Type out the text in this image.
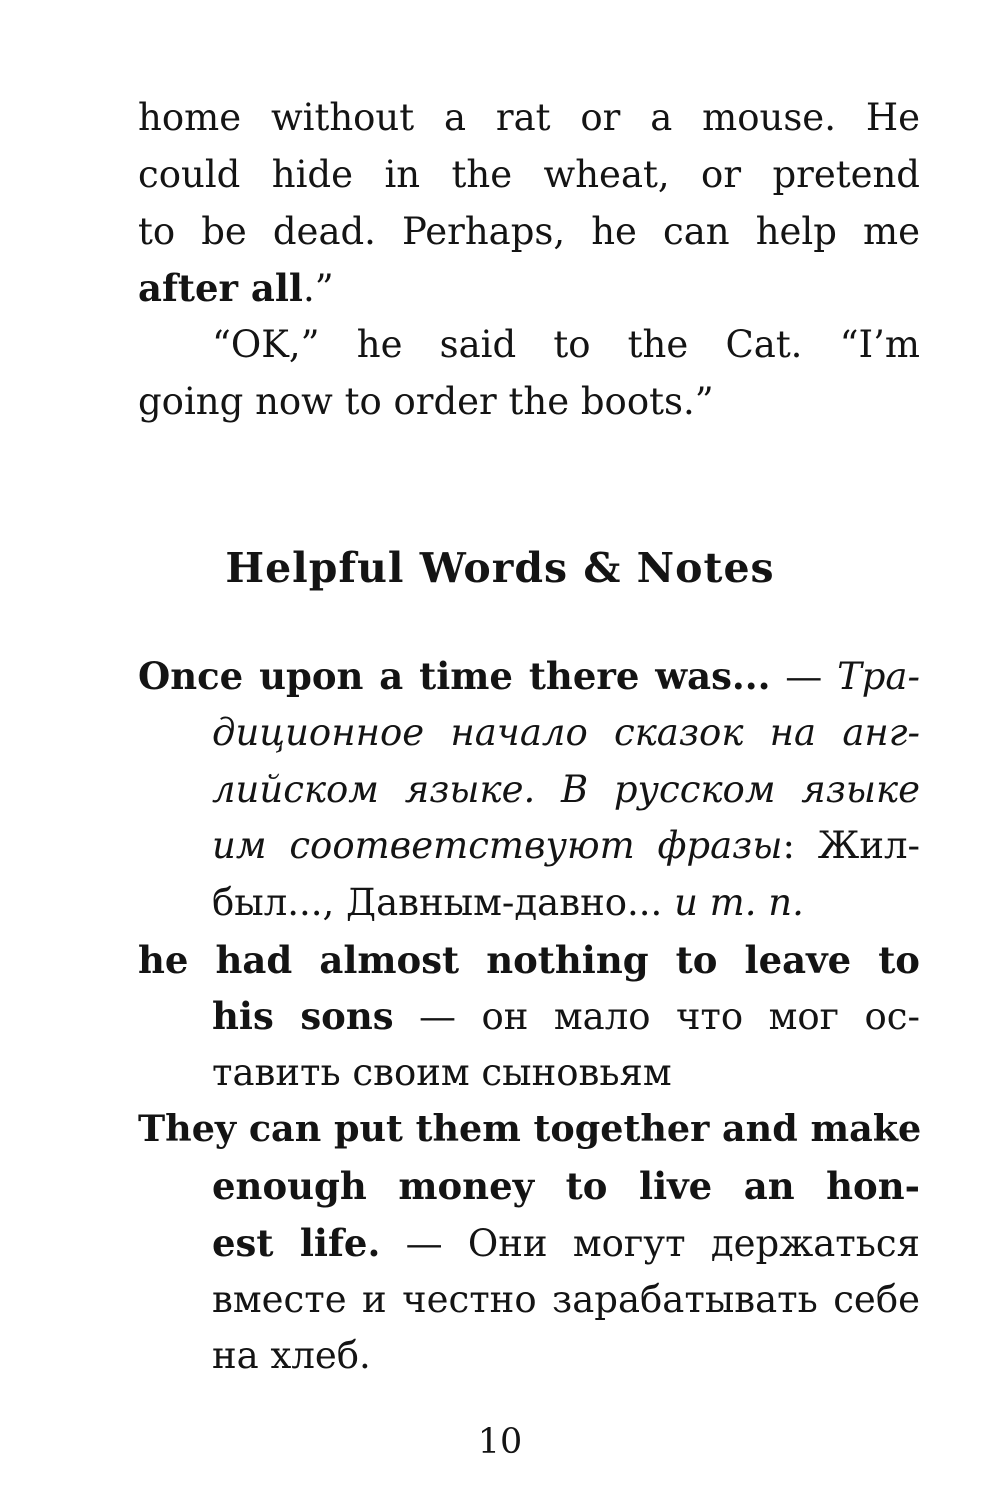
home without a rat or a mouse. He
could hide in the wheat, or pretend
to be dead. Perhaps, he can help me
after all.”
“OK,” he said to the Cat. “I’m
going now to order the boots.”
Helpful Words & Notes
Once upon a time there was... — Тра-
диционное начало сказок на анг-
лийском языке. В русском языке
им соответствуют фразы: Жил-
был..., Давным-давно... и т. п.
he had almost nothing to leave to
his sons — он мало что мог ос-
тавить своим сыновьям
They can put them together and make
enough money to live an hon-
est life. — Они могут держаться
вместе и честно зарабатывать себе
на хлеб.
10
